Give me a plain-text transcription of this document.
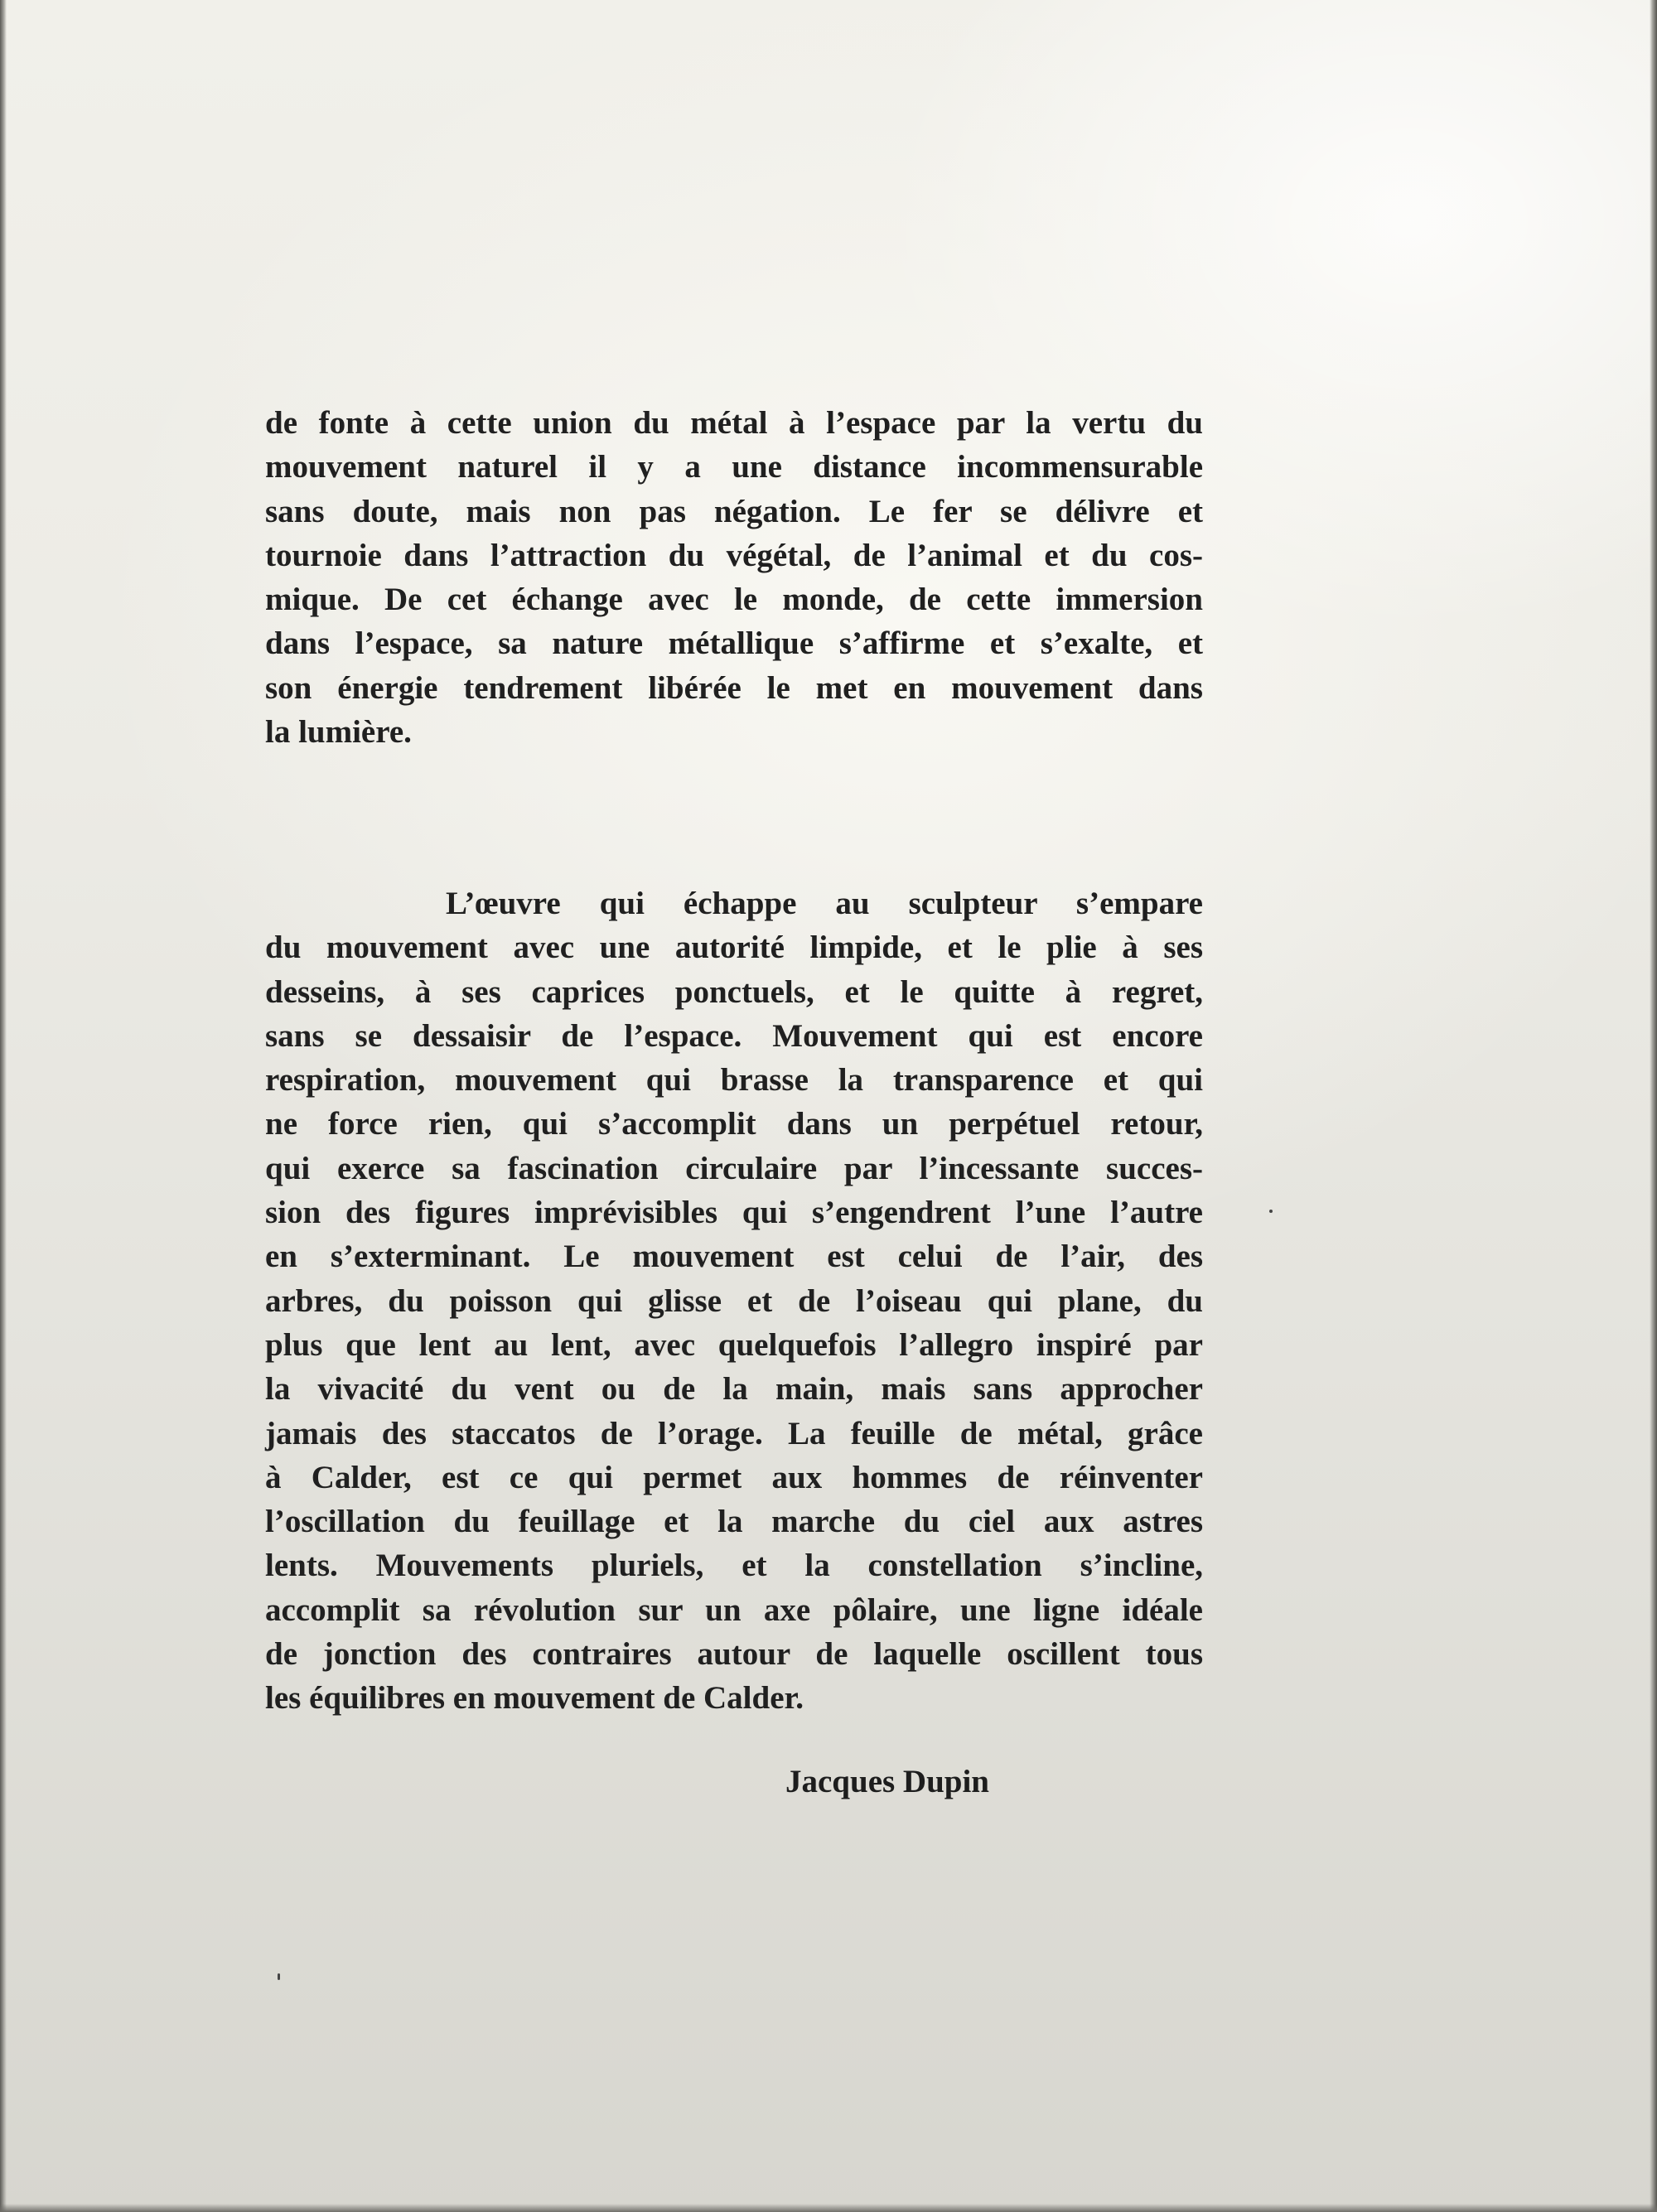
de fonte à cette union du métal à l’espace par la vertu du
mouvement naturel il y a une distance incommensurable
sans doute, mais non pas négation. Le fer se délivre et
tournoie dans l’attraction du végétal, de l’animal et du cos-
mique. De cet échange avec le monde, de cette immersion
dans l’espace, sa nature métallique s’affirme et s’exalte, et
son énergie tendrement libérée le met en mouvement dans
la lumière.
L’œuvre qui échappe au sculpteur s’empare
du mouvement avec une autorité limpide, et le plie à ses
desseins, à ses caprices ponctuels, et le quitte à regret,
sans se dessaisir de l’espace. Mouvement qui est encore
respiration, mouvement qui brasse la transparence et qui
ne force rien, qui s’accomplit dans un perpétuel retour,
qui exerce sa fascination circulaire par l’incessante succes-
sion des figures imprévisibles qui s’engendrent l’une l’autre
en s’exterminant. Le mouvement est celui de l’air, des
arbres, du poisson qui glisse et de l’oiseau qui plane, du
plus que lent au lent, avec quelquefois l’allegro inspiré par
la vivacité du vent ou de la main, mais sans approcher
jamais des staccatos de l’orage. La feuille de métal, grâce
à Calder, est ce qui permet aux hommes de réinventer
l’oscillation du feuillage et la marche du ciel aux astres
lents. Mouvements pluriels, et la constellation s’incline,
accomplit sa révolution sur un axe pôlaire, une ligne idéale
de jonction des contraires autour de laquelle oscillent tous
les équilibres en mouvement de Calder.
Jacques Dupin
